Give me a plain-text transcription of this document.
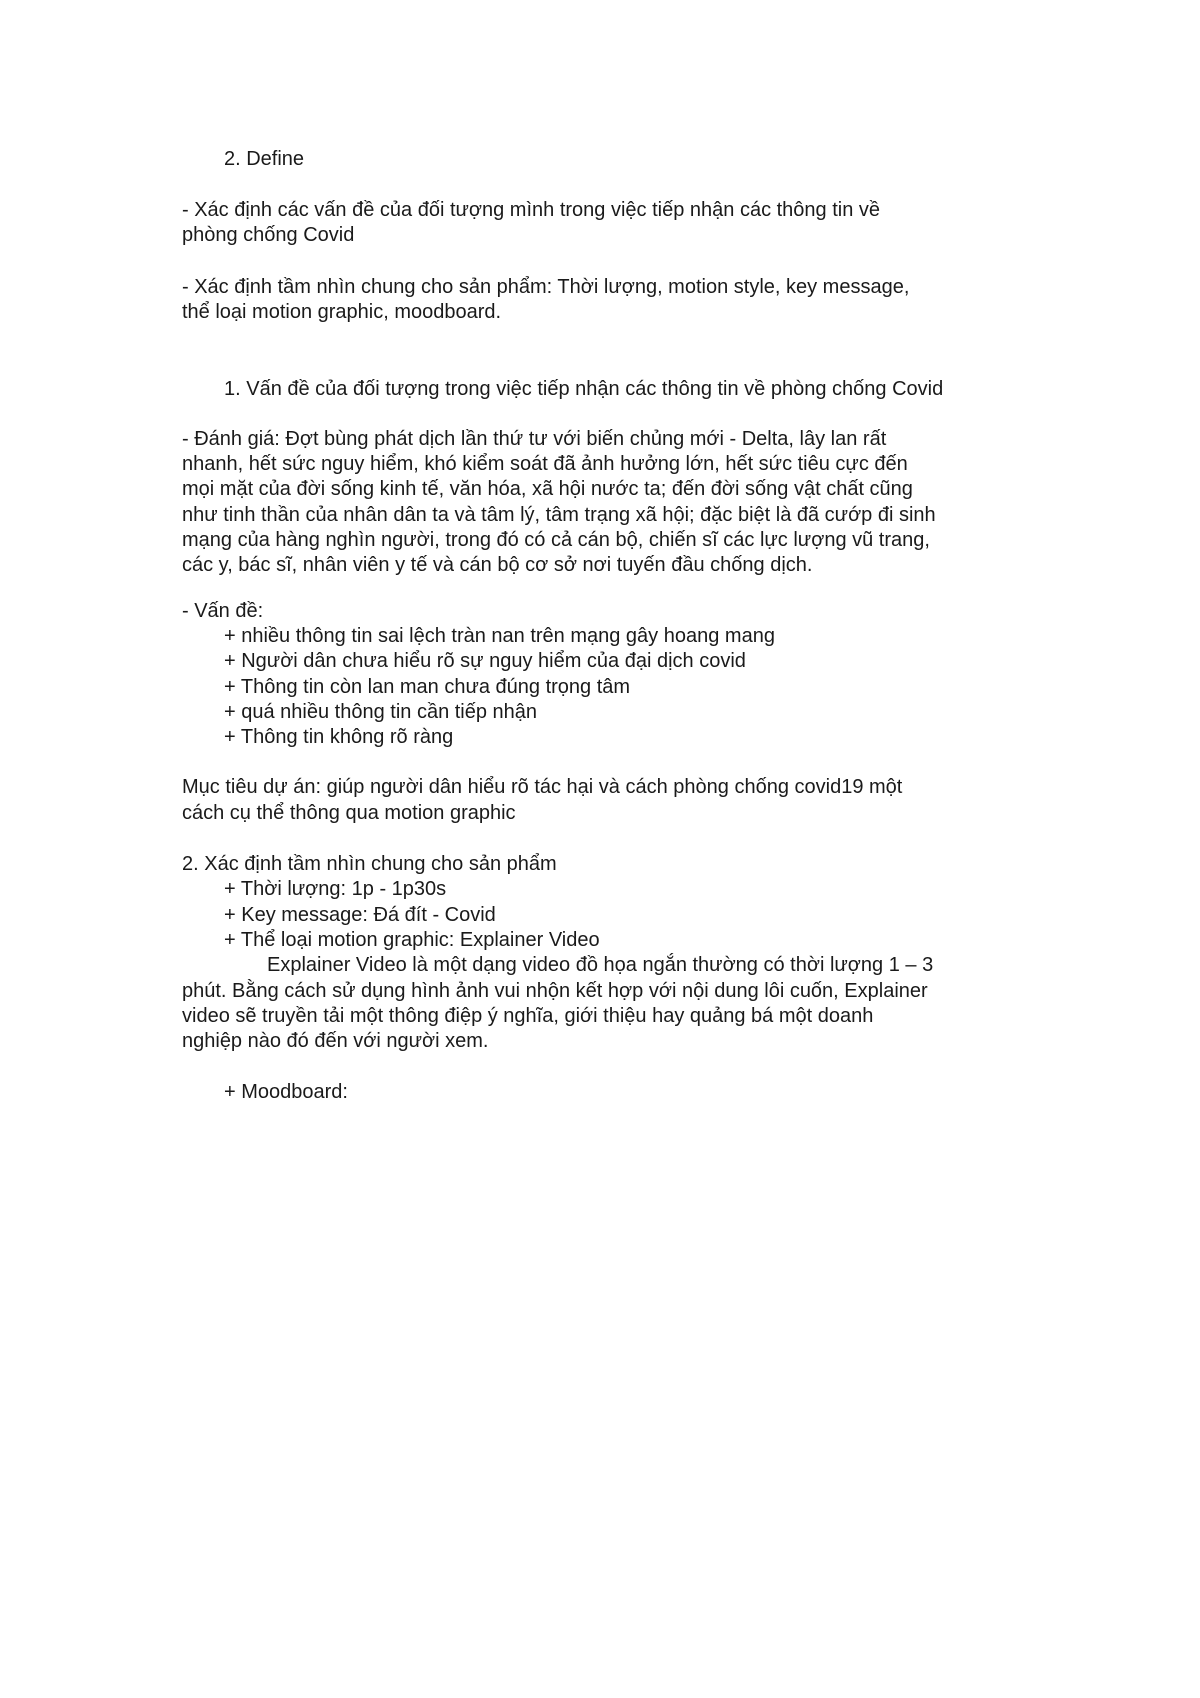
2. Define

- Xác định các vấn đề của đối tượng mình trong việc tiếp nhận các thông tin về

phòng chống Covid

- Xác định tầm nhìn chung cho sản phẩm: Thời lượng, motion style, key message,

thể loại motion graphic, moodboard.

1. Vấn đề của đối tượng trong việc tiếp nhận các thông tin về phòng chống Covid

- Đánh giá: Đợt bùng phát dịch lần thứ tư với biến chủng mới - Delta, lây lan rất

nhanh, hết sức nguy hiểm, khó kiểm soát đã ảnh hưởng lớn, hết sức tiêu cực đến

mọi mặt của đời sống kinh tế, văn hóa, xã hội nước ta; đến đời sống vật chất cũng

như tinh thần của nhân dân ta và tâm lý, tâm trạng xã hội; đặc biệt là đã cướp đi sinh

mạng của hàng nghìn người, trong đó có cả cán bộ, chiến sĩ các lực lượng vũ trang,

các y, bác sĩ, nhân viên y tế và cán bộ cơ sở nơi tuyến đầu chống dịch.

- Vấn đề:

+ nhiều thông tin sai lệch tràn nan trên mạng gây hoang mang

+ Người dân chưa hiểu rõ sự nguy hiểm của đại dịch covid

+ Thông tin còn lan man chưa đúng trọng tâm

+ quá nhiều thông tin cần tiếp nhận

+ Thông tin không rõ ràng

Mục tiêu dự án: giúp người dân hiểu rõ tác hại và cách phòng chống covid19 một

cách cụ thể thông qua motion graphic

2. Xác định tầm nhìn chung cho sản phẩm

+ Thời lượng: 1p - 1p30s

+ Key message: Đá đít - Covid

+ Thể loại motion graphic: Explainer Video

Explainer Video là một dạng video đồ họa ngắn thường có thời lượng 1 – 3

phút. Bằng cách sử dụng hình ảnh vui nhộn kết hợp với nội dung lôi cuốn, Explainer

video sẽ truyền tải một thông điệp ý nghĩa, giới thiệu hay quảng bá một doanh

nghiệp nào đó đến với người xem.

+ Moodboard:
